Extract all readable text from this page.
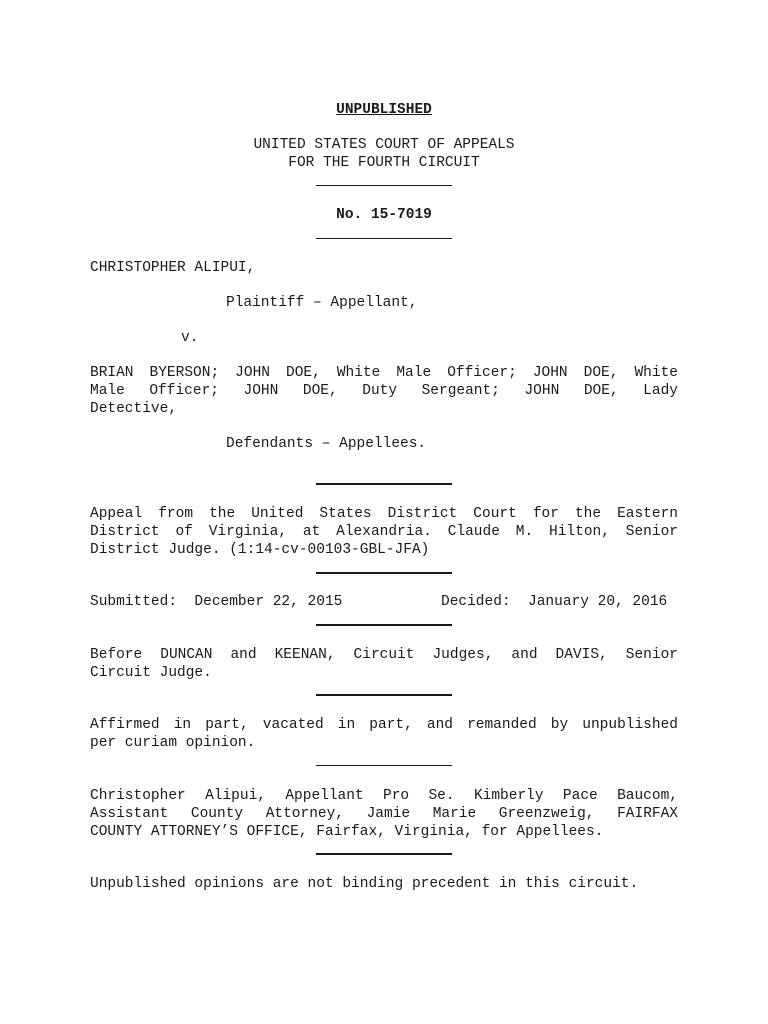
UNPUBLISHED
UNITED STATES COURT OF APPEALS
FOR THE FOURTH CIRCUIT
No. 15-7019
CHRISTOPHER ALIPUI,
Plaintiff – Appellant,
v.
BRIAN BYERSON; JOHN DOE, White Male Officer; JOHN DOE, White
Male Officer; JOHN DOE, Duty Sergeant; JOHN DOE, Lady
Detective,
Defendants – Appellees.
Appeal from the United States District Court for the Eastern
District of Virginia, at Alexandria. Claude M. Hilton, Senior
District Judge. (1:14-cv-00103-GBL-JFA)
Submitted:  December 22, 2015	Decided:  January 20, 2016
Before DUNCAN and KEENAN, Circuit Judges, and DAVIS, Senior
Circuit Judge.
Affirmed in part, vacated in part, and remanded by unpublished
per curiam opinion.
Christopher Alipui, Appellant Pro Se. Kimberly Pace Baucom,
Assistant County Attorney, Jamie Marie Greenzweig, FAIRFAX
COUNTY ATTORNEY’S OFFICE, Fairfax, Virginia, for Appellees.
Unpublished opinions are not binding precedent in this circuit.
